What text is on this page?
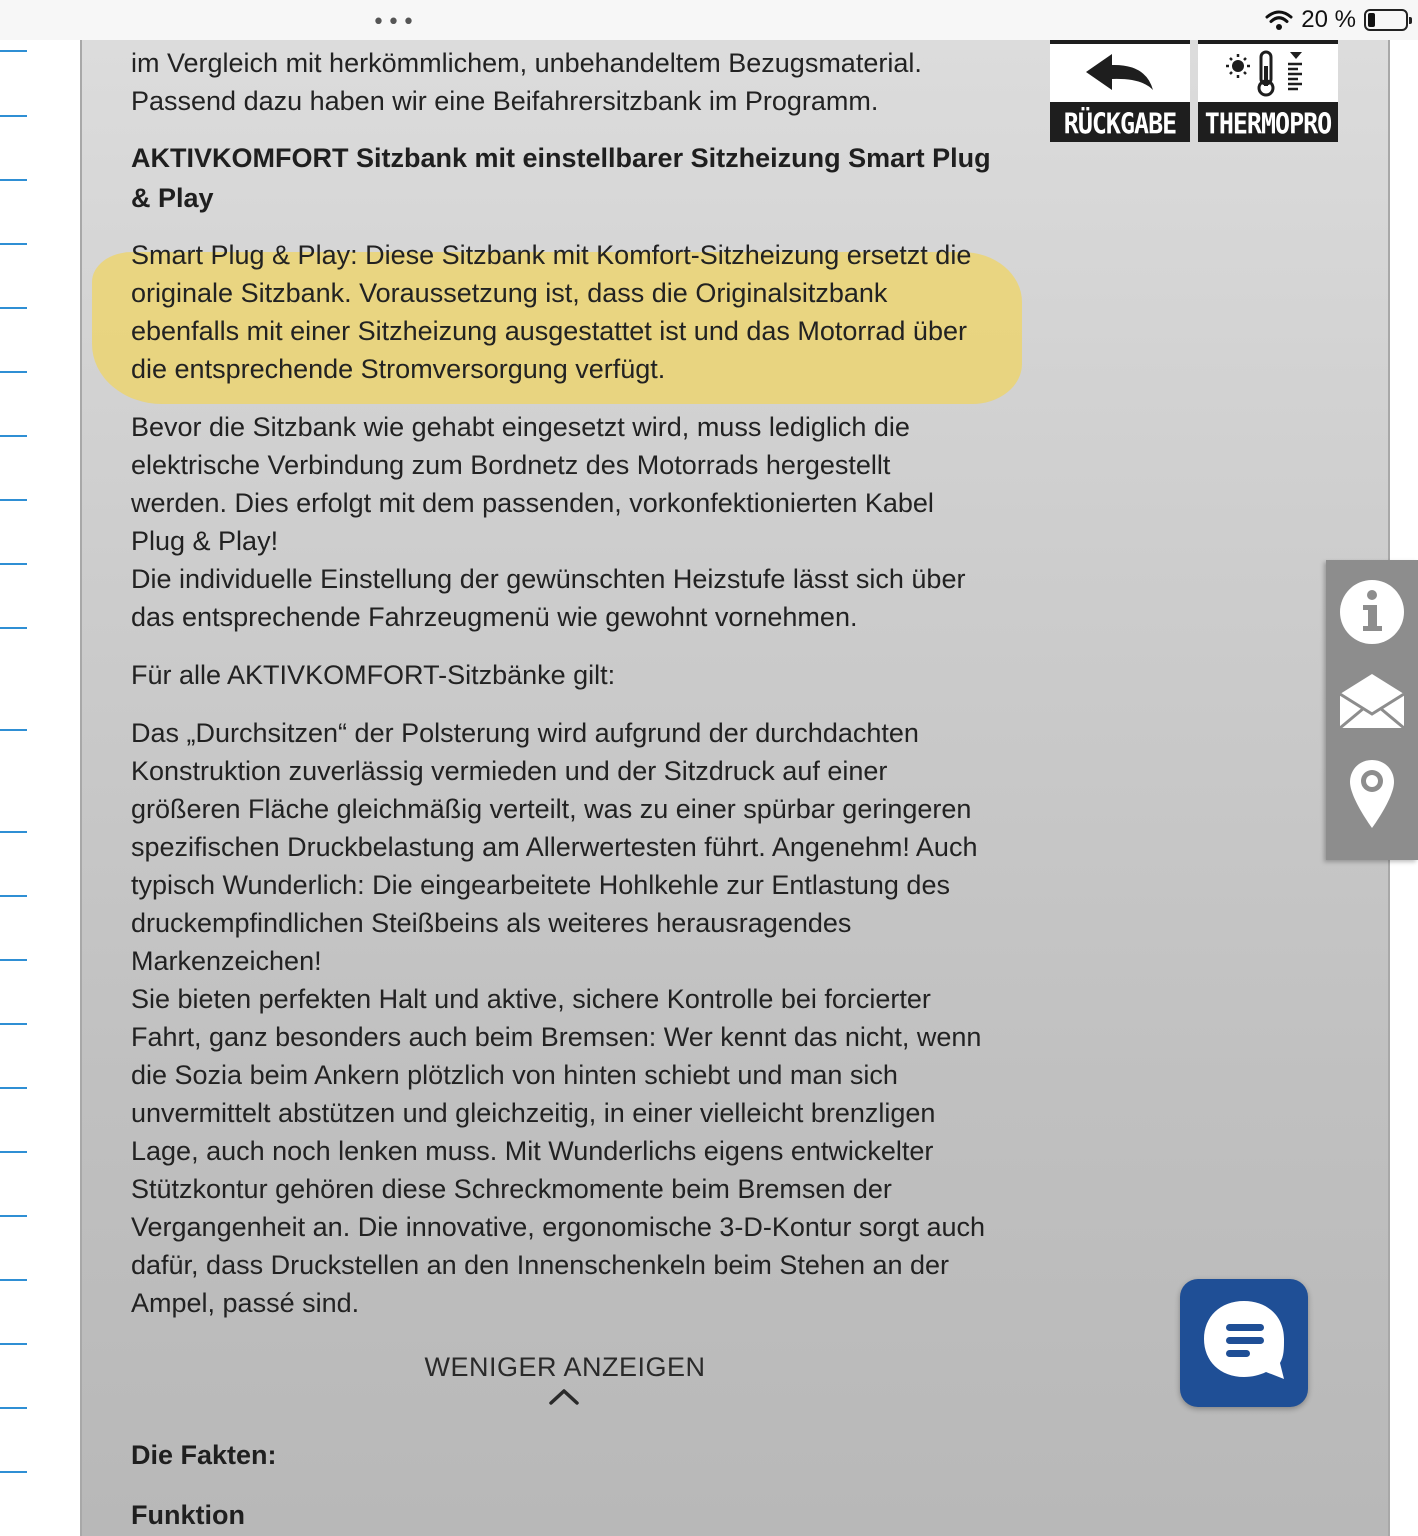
•••	20 %

im Vergleich mit herkömmlichem, unbehandeltem Bezugsmaterial.

Passend dazu haben wir eine Beifahrersitzbank im Programm.

AKTIVKOMFORT Sitzbank mit einstellbarer Sitzheizung Smart Plug & Play

Smart Plug & Play: Diese Sitzbank mit Komfort-Sitzheizung ersetzt die originale Sitzbank. Voraussetzung ist, dass die Originalsitzbank ebenfalls mit einer Sitzheizung ausgestattet ist und das Motorrad über die entsprechende Stromversorgung verfügt.

Bevor die Sitzbank wie gehabt eingesetzt wird, muss lediglich die elektrische Verbindung zum Bordnetz des Motorrads hergestellt werden. Dies erfolgt mit dem passenden, vorkonfektionierten Kabel Plug & Play!

Die individuelle Einstellung der gewünschten Heizstufe lässt sich über das entsprechende Fahrzeugmenü wie gewohnt vornehmen.

Für alle AKTIVKOMFORT-Sitzbänke gilt:

Das „Durchsitzen“ der Polsterung wird aufgrund der durchdachten Konstruktion zuverlässig vermieden und der Sitzdruck auf einer größeren Fläche gleichmäßig verteilt, was zu einer spürbar geringeren spezifischen Druckbelastung am Allerwertesten führt. Angenehm! Auch typisch Wunderlich: Die eingearbeitete Hohlkehle zur Entlastung des druckempfindlichen Steißbeins als weiteres herausragendes Markenzeichen!

Sie bieten perfekten Halt und aktive, sichere Kontrolle bei forcierter Fahrt, ganz besonders auch beim Bremsen: Wer kennt das nicht, wenn die Sozia beim Ankern plötzlich von hinten schiebt und man sich unvermittelt abstützen und gleichzeitig, in einer vielleicht brenzligen Lage, auch noch lenken muss. Mit Wunderlichs eigens entwickelter Stützkontur gehören diese Schreckmomente beim Bremsen der Vergangenheit an. Die innovative, ergonomische 3-D-Kontur sorgt auch dafür, dass Druckstellen an den Innenschenkeln beim Stehen an der Ampel, passé sind.

WENIGER ANZEIGEN
Die Fakten:
Funktion
RÜCKGABE	THERMOPRO
